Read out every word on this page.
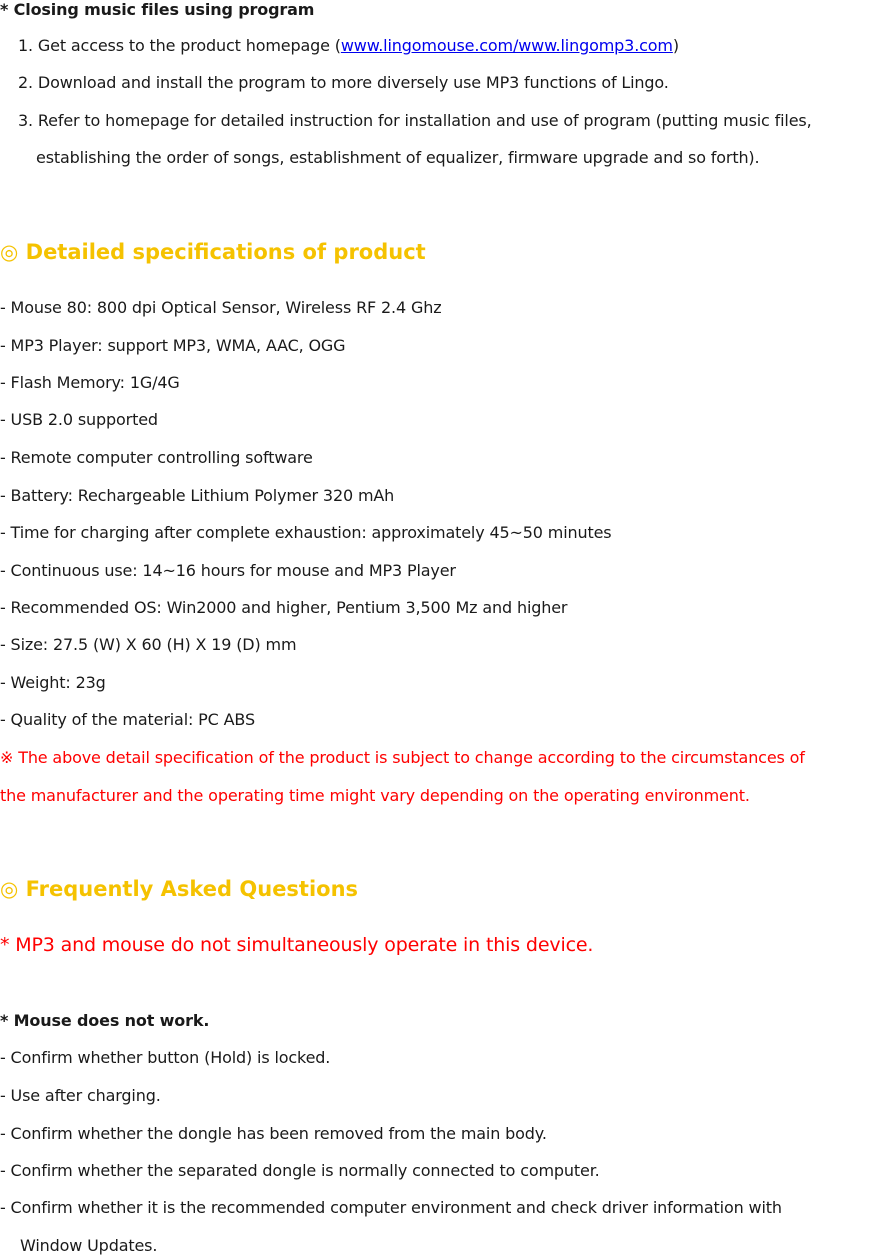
* Closing music files using program
1. Get access to the product homepage (www.lingomouse.com/www.lingomp3.com)
2. Download and install the program to more diversely use MP3 functions of Lingo.
3. Refer to homepage for detailed instruction for installation and use of program (putting music files,
establishing the order of songs, establishment of equalizer, firmware upgrade and so forth).
◎ Detailed specifications of product
- Mouse 80: 800 dpi Optical Sensor, Wireless RF 2.4 Ghz
- MP3 Player: support MP3, WMA, AAC, OGG
- Flash Memory: 1G/4G
- USB 2.0 supported
- Remote computer controlling software
- Battery: Rechargeable Lithium Polymer 320 mAh
- Time for charging after complete exhaustion: approximately 45~50 minutes
- Continuous use: 14~16 hours for mouse and MP3 Player
- Recommended OS: Win2000 and higher, Pentium 3,500 Mz and higher
- Size: 27.5 (W) X 60 (H) X 19 (D) mm
- Weight: 23g
- Quality of the material: PC ABS
※ The above detail specification of the product is subject to change according to the circumstances of
the manufacturer and the operating time might vary depending on the operating environment.
◎ Frequently Asked Questions
* MP3 and mouse do not simultaneously operate in this device.
* Mouse does not work.
- Confirm whether button (Hold) is locked.
- Use after charging.
- Confirm whether the dongle has been removed from the main body.
- Confirm whether the separated dongle is normally connected to computer.
- Confirm whether it is the recommended computer environment and check driver information with
Window Updates.
